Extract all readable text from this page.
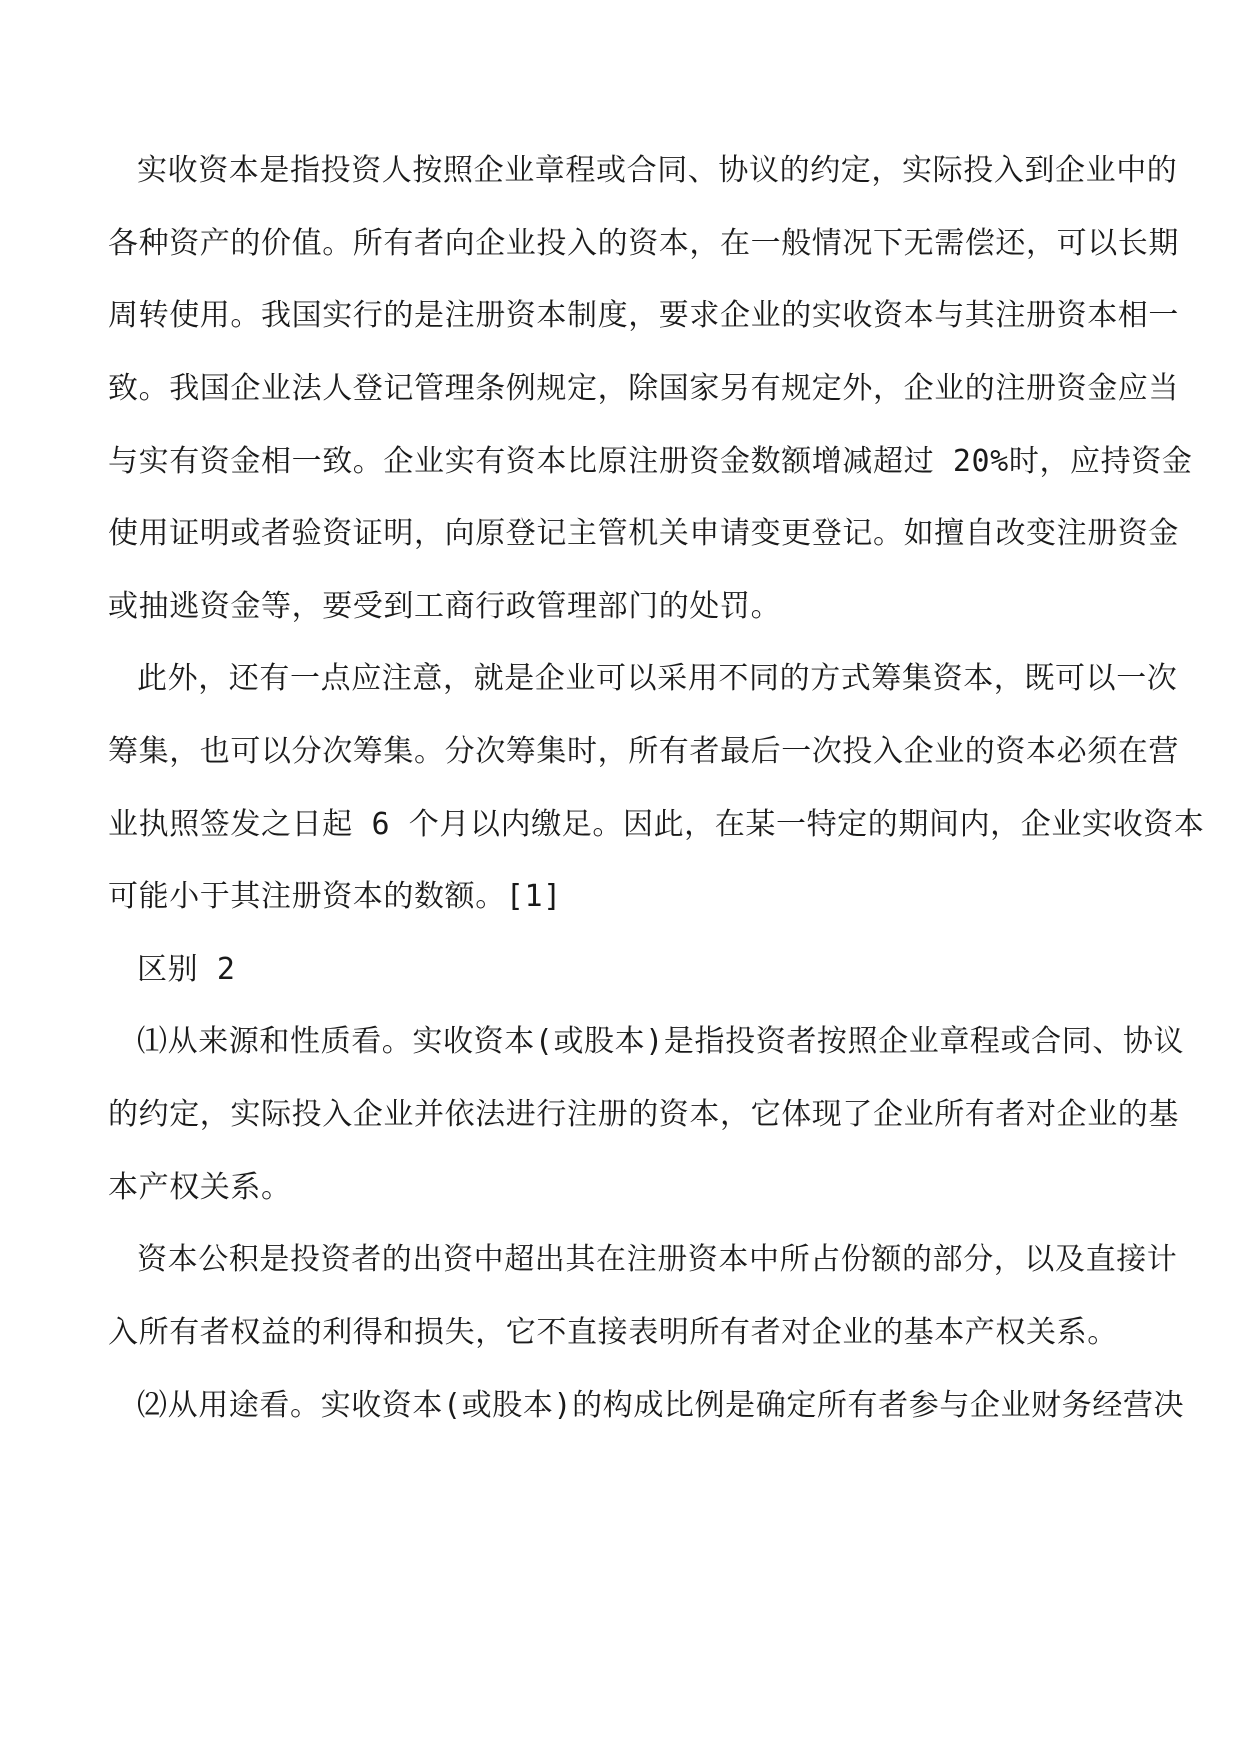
实收资本是指投资人按照企业章程或合同、协议的约定，实际投入到企业中的

各种资产的价值。所有者向企业投入的资本，在一般情况下无需偿还，可以长期

周转使用。我国实行的是注册资本制度，要求企业的实收资本与其注册资本相一

致。我国企业法人登记管理条例规定，除国家另有规定外，企业的注册资金应当

与实有资金相一致。企业实有资本比原注册资金数额增减超过 20%时，应持资金

使用证明或者验资证明，向原登记主管机关申请变更登记。如擅自改变注册资金

或抽逃资金等，要受到工商行政管理部门的处罚。

此外，还有一点应注意，就是企业可以采用不同的方式筹集资本，既可以一次

筹集，也可以分次筹集。分次筹集时，所有者最后一次投入企业的资本必须在营

业执照签发之日起 6 个月以内缴足。因此，在某一特定的期间内，企业实收资本

可能小于其注册资本的数额。[1]

区别 2

⑴从来源和性质看。实收资本(或股本)是指投资者按照企业章程或合同、协议

的约定，实际投入企业并依法进行注册的资本，它体现了企业所有者对企业的基

本产权关系。

资本公积是投资者的出资中超出其在注册资本中所占份额的部分，以及直接计

入所有者权益的利得和损失，它不直接表明所有者对企业的基本产权关系。

⑵从用途看。实收资本(或股本)的构成比例是确定所有者参与企业财务经营决
